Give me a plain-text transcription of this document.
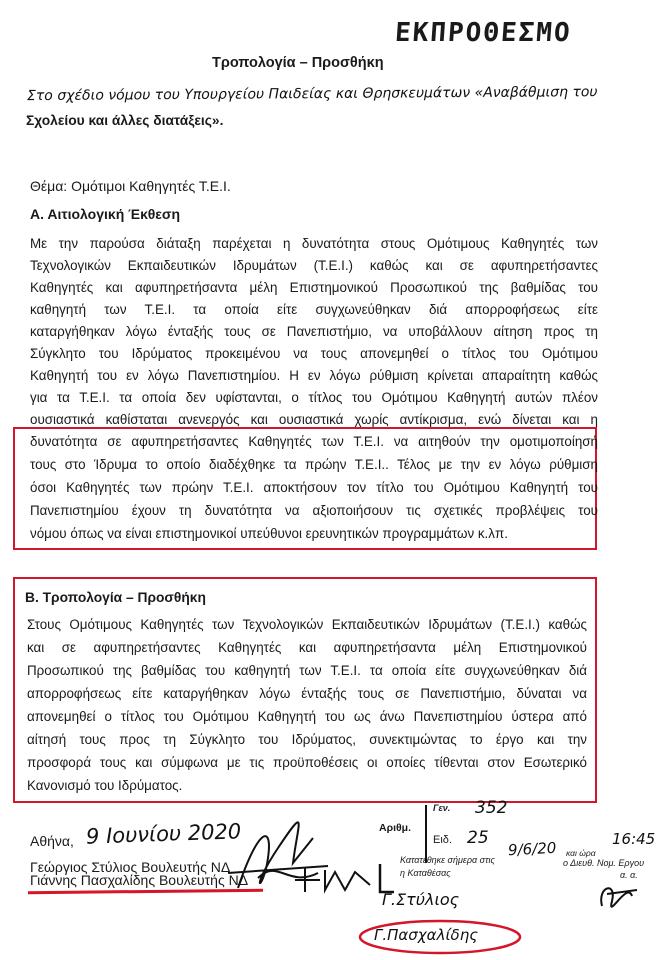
ΕΚΠΡΟΘΕΣΜΟ
Τροπολογία – Προσθήκη
Στο σχέδιο νόμου του Υπουργείου Παιδείας και Θρησκευμάτων «Αναβάθμιση του
Σχολείου και άλλες διατάξεις».
Θέμα: Ομότιμοι Καθηγητές Τ.Ε.Ι.
Α. Αιτιολογική Έκθεση
Με την παρούσα διάταξη παρέχεται η δυνατότητα στους Ομότιμους Καθηγητές των
Τεχνολογικών Εκπαιδευτικών Ιδρυμάτων (Τ.Ε.Ι.) καθώς και σε αφυπηρετήσαντες
Καθηγητές και αφυπηρετήσαντα μέλη Επιστημονικού Προσωπικού της βαθμίδας του
καθηγητή των Τ.Ε.Ι. τα οποία είτε συγχωνεύθηκαν διά απορροφήσεως είτε
καταργήθηκαν λόγω ένταξής τους σε Πανεπιστήμιο, να υποβάλλουν αίτηση προς τη
Σύγκλητο του Ιδρύματος προκειμένου να τους απονεμηθεί ο τίτλος του Ομότιμου
Καθηγητή του εν λόγω Πανεπιστημίου. Η εν λόγω ρύθμιση κρίνεται απαραίτητη καθώς
για τα Τ.Ε.Ι. τα οποία δεν υφίστανται, ο τίτλος του Ομότιμου Καθηγητή αυτών πλέον
ουσιαστικά καθίσταται ανενεργός και ουσιαστικά χωρίς αντίκρισμα, ενώ δίνεται και η
δυνατότητα σε αφυπηρετήσαντες Καθηγητές των Τ.Ε.Ι. να αιτηθούν την ομοτιμοποίησή
τους στο Ίδρυμα το οποίο διαδέχθηκε τα πρώην Τ.Ε.Ι.. Τέλος με την εν λόγω ρύθμιση
όσοι Καθηγητές των πρώην Τ.Ε.Ι. αποκτήσουν τον τίτλο του Ομότιμου Καθηγητή του
Πανεπιστημίου έχουν τη δυνατότητα να αξιοποιήσουν τις σχετικές προβλέψεις του
νόμου όπως να είναι επιστημονικοί υπεύθυνοι ερευνητικών προγραμμάτων κ.λπ.
Β. Τροπολογία – Προσθήκη
Στους Ομότιμους Καθηγητές των Τεχνολογικών Εκπαιδευτικών Ιδρυμάτων (Τ.Ε.Ι.) καθώς
και σε αφυπηρετήσαντες Καθηγητές και αφυπηρετήσαντα μέλη Επιστημονικού
Προσωπικού της βαθμίδας του καθηγητή των Τ.Ε.Ι. τα οποία είτε συγχωνεύθηκαν διά
απορροφήσεως είτε καταργήθηκαν λόγω ένταξής τους σε Πανεπιστήμιο, δύναται να
απονεμηθεί ο τίτλος του Ομότιμου Καθηγητή του ως άνω Πανεπιστημίου ύστερα από
αίτησή τους προς τη Σύγκλητο του Ιδρύματος, συνεκτιμώντας το έργο και την
προσφορά τους και σύμφωνα με τις προϋποθέσεις οι οποίες τίθενται στον Εσωτερικό
Κανονισμό του Ιδρύματος.
Αθήνα, 9 Ιουνίου 2020
Γεώργιος Στύλιος Βουλευτής ΝΔ
Γιάννης Πασχαλίδης Βουλευτής ΝΔ
Γ.Στύλιος
Γ.Πασχαλίδης
Αριθμ.
Γεν. 352
Ειδ. 25
Κατατέθηκε σήμερα στις
9/6/20 και ώρα
16:45
η Καταθέσας
ο Διευθ. Νομ. Εργου
α. α.
